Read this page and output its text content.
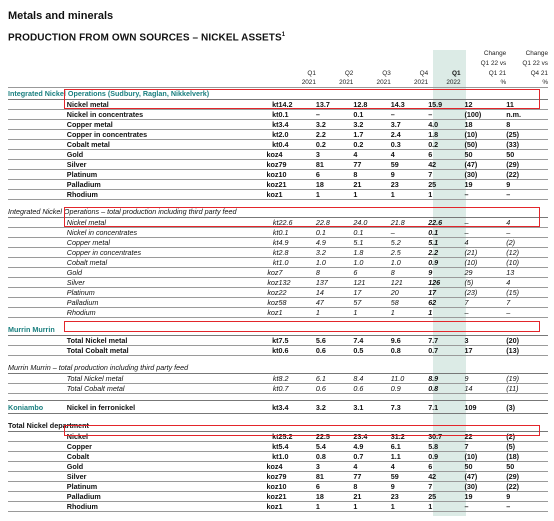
Metals and minerals
PRODUCTION FROM OWN SOURCES – NICKEL ASSETS$^1$
								Change	Change
								Q1 22 vs	Q1 22 vs
			Q1	Q2	Q3	Q4	Q1	Q1 21	Q4 21
			2021	2021	2021	2021	2022	%	%
Integrated Nickel Operations (Sudbury, Raglan, Nikkelverk)									
	Nickel metal	kt	14.2	13.7	12.8	14.3	15.9	12	11
	Nickel in concentrates	kt	0.1	–	0.1	–	–	(100)	n.m.
	Copper metal	kt	3.4	3.2	3.2	3.7	4.0	18	8
	Copper in concentrates	kt	2.0	2.2	1.7	2.4	1.8	(10)	(25)
	Cobalt metal	kt	0.4	0.2	0.2	0.3	0.2	(50)	(33)
	Gold	koz	4	3	4	4	6	50	50
	Silver	koz	79	81	77	59	42	(47)	(29)
	Platinum	koz	10	6	8	9	7	(30)	(22)
	Palladium	koz	21	18	21	23	25	19	9
	Rhodium	koz	1	1	1	1	1	–	–

Integrated Nickel Operations – total production including third party feed									
	Nickel metal	kt	22.6	22.8	24.0	21.8	22.6	–	4
	Nickel in concentrates	kt	0.1	0.1	0.1	–	0.1	–	–
	Copper metal	kt	4.9	4.9	5.1	5.2	5.1	4	(2)
	Copper in concentrates	kt	2.8	3.2	1.8	2.5	2.2	(21)	(12)
	Cobalt metal	kt	1.0	1.0	1.0	1.0	0.9	(10)	(10)
	Gold	koz	7	8	6	8	9	29	13
	Silver	koz	132	137	121	121	126	(5)	4
	Platinum	koz	22	14	17	20	17	(23)	(15)
	Palladium	koz	58	47	57	58	62	7	7
	Rhodium	koz	1	1	1	1	1	–	–

Murrin Murrin									
	Total Nickel metal	kt	7.5	5.6	7.4	9.6	7.7	3	(20)
	Total Cobalt metal	kt	0.6	0.6	0.5	0.8	0.7	17	(13)

Murrin Murrin – total production including third party feed									
	Total Nickel metal	kt	8.2	6.1	8.4	11.0	8.9	9	(19)
	Total Cobalt metal	kt	0.7	0.6	0.6	0.9	0.8	14	(11)

Koniambo	Nickel in ferronickel	kt	3.4	3.2	3.1	7.3	7.1	109	(3)

Total Nickel department									
	Nickel	kt	25.2	22.5	23.4	31.2	30.7	22	(2)
	Copper	kt	5.4	5.4	4.9	6.1	5.8	7	(5)
	Cobalt	kt	1.0	0.8	0.7	1.1	0.9	(10)	(18)
	Gold	koz	4	3	4	4	6	50	50
	Silver	koz	79	81	77	59	42	(47)	(29)
	Platinum	koz	10	6	8	9	7	(30)	(22)
	Palladium	koz	21	18	21	23	25	19	9
	Rhodium	koz	1	1	1	1	1	–	–
